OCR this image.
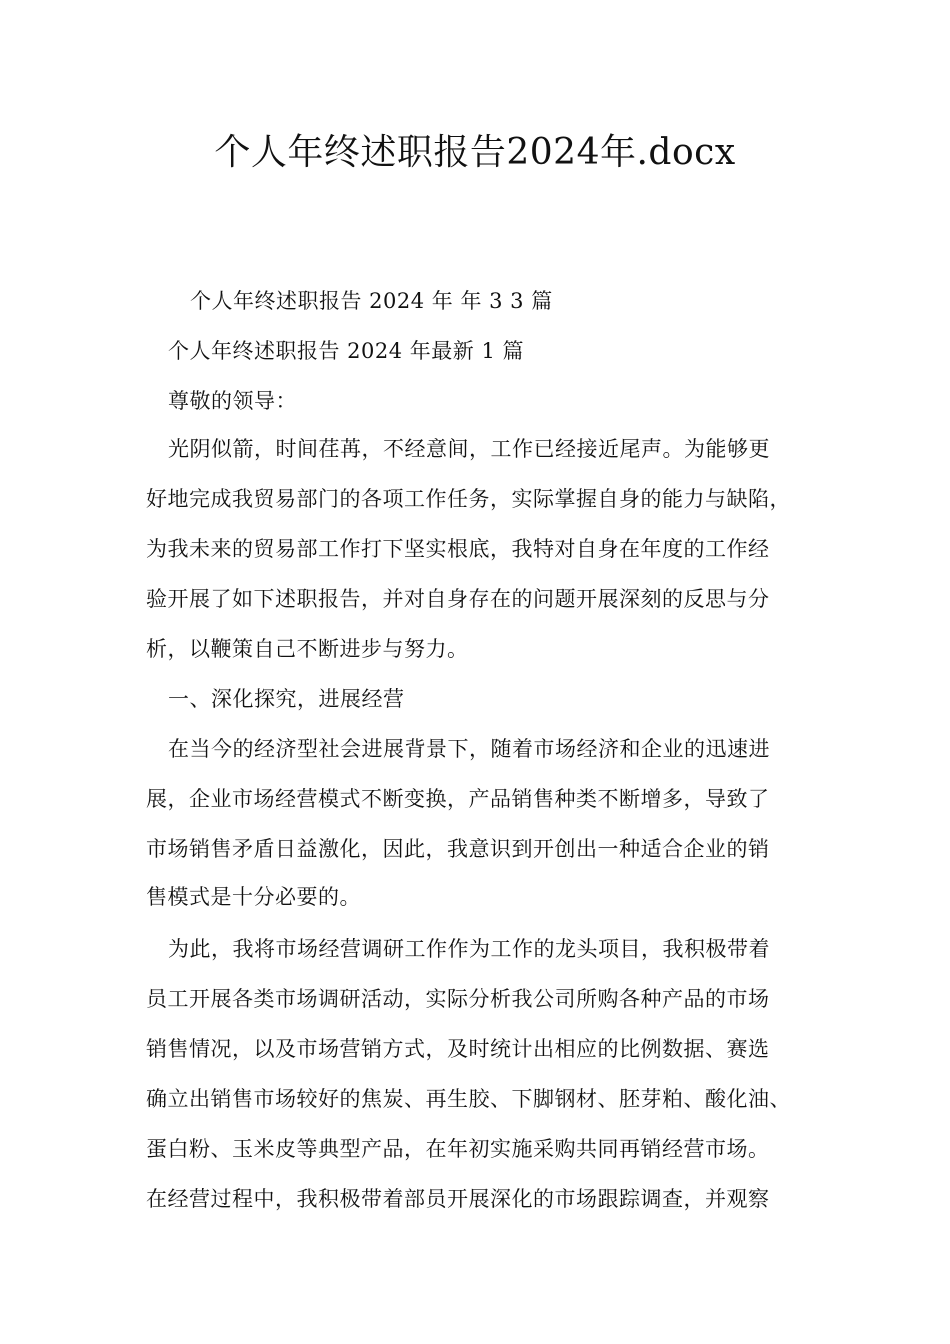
个人年终述职报告2024年.docx
个人年终述职报告 2024 年 年 3 3 篇
个人年终述职报告 2024 年最新 1 篇
尊敬的领导：
光阴似箭，时间荏苒，不经意间，工作已经接近尾声。为能够更
好地完成我贸易部门的各项工作任务，实际掌握自身的能力与缺陷，
为我未来的贸易部工作打下坚实根底，我特对自身在年度的工作经
验开展了如下述职报告，并对自身存在的问题开展深刻的反思与分
析，以鞭策自己不断进步与努力。
一、深化探究，进展经营
在当今的经济型社会进展背景下，随着市场经济和企业的迅速进
展，企业市场经营模式不断变换，产品销售种类不断增多，导致了
市场销售矛盾日益激化，因此，我意识到开创出一种适合企业的销
售模式是十分必要的。
为此，我将市场经营调研工作作为工作的龙头项目，我积极带着
员工开展各类市场调研活动，实际分析我公司所购各种产品的市场
销售情况，以及市场营销方式，及时统计出相应的比例数据、赛选
确立出销售市场较好的焦炭、再生胶、下脚钢材、胚芽粕、酸化油、
蛋白粉、玉米皮等典型产品，在年初实施采购共同再销经营市场。
在经营过程中，我积极带着部员开展深化的市场跟踪调查，并观察
